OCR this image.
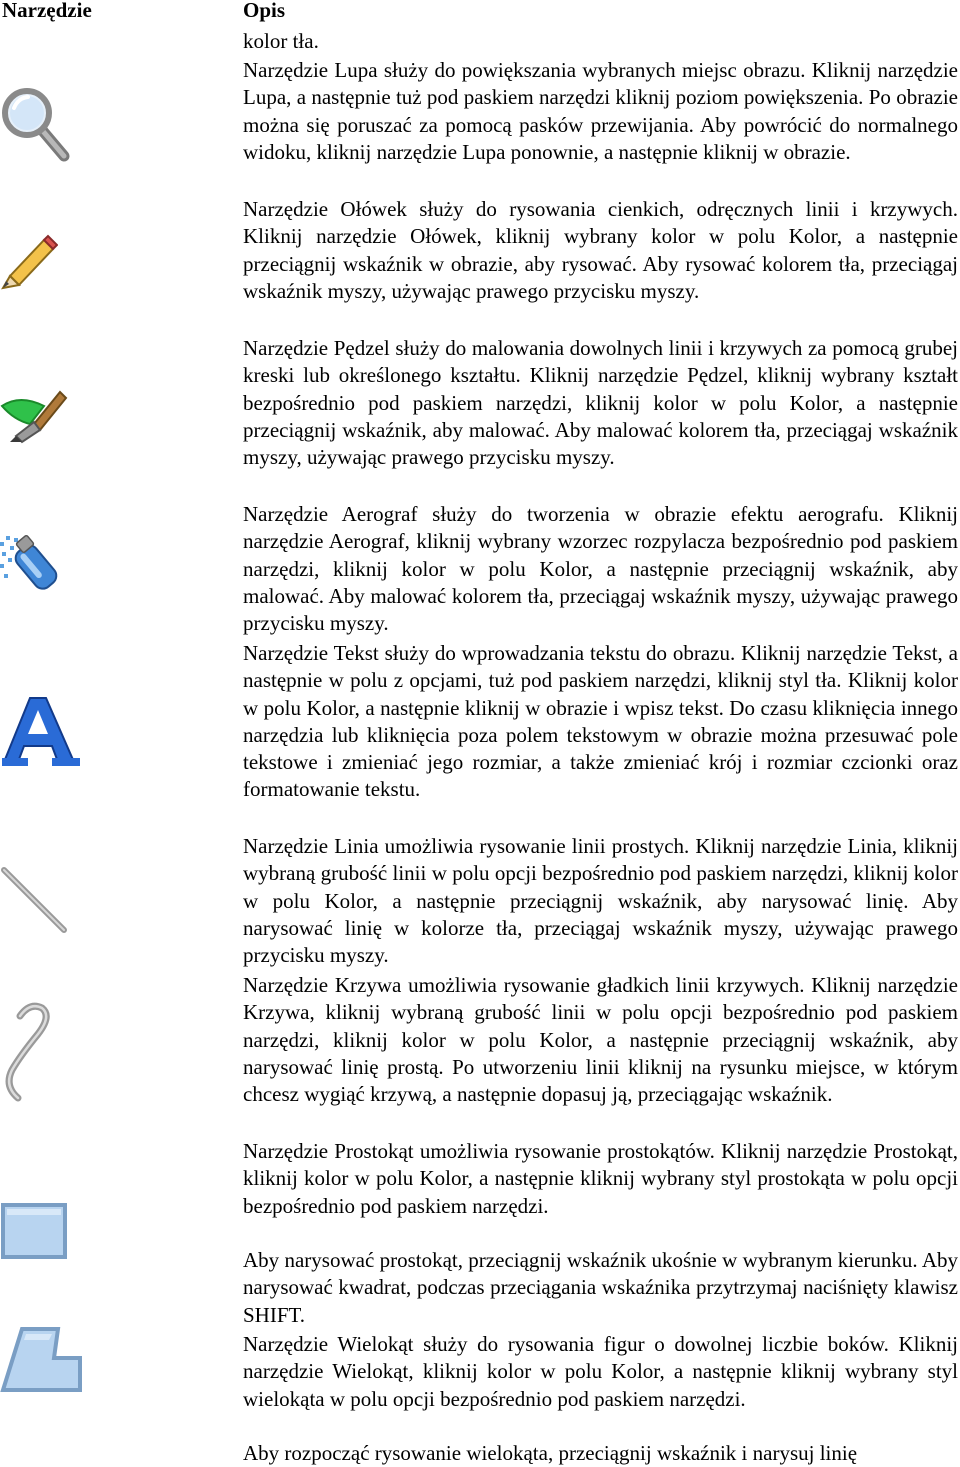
Narzędzie	Opis
kolor tła.
Narzędzie Lupa służy do powiększania wybranych miejsc obrazu. Kliknij narzędzie Lupa, a następnie tuż pod paskiem narzędzi kliknij poziom powiększenia. Po obrazie można się poruszać za pomocą pasków przewijania. Aby powrócić do normalnego widoku, kliknij narzędzie Lupa ponownie, a następnie kliknij w obrazie.
Narzędzie Ołówek służy do rysowania cienkich, odręcznych linii i krzywych. Kliknij narzędzie Ołówek, kliknij wybrany kolor w polu Kolor, a następnie przeciągnij wskaźnik w obrazie, aby rysować. Aby rysować kolorem tła, przeciągaj wskaźnik myszy, używając prawego przycisku myszy.
Narzędzie Pędzel służy do malowania dowolnych linii i krzywych za pomocą grubej kreski lub określonego kształtu. Kliknij narzędzie Pędzel, kliknij wybrany kształt bezpośrednio pod paskiem narzędzi, kliknij kolor w polu Kolor, a następnie przeciągnij wskaźnik, aby malować. Aby malować kolorem tła, przeciągaj wskaźnik myszy, używając prawego przycisku myszy.
Narzędzie Aerograf służy do tworzenia w obrazie efektu aerografu. Kliknij narzędzie Aerograf, kliknij wybrany wzorzec rozpylacza bezpośrednio pod paskiem narzędzi, kliknij kolor w polu Kolor, a następnie przeciągnij wskaźnik, aby malować. Aby malować kolorem tła, przeciągaj wskaźnik myszy, używając prawego przycisku myszy.
Narzędzie Tekst służy do wprowadzania tekstu do obrazu. Kliknij narzędzie Tekst, a następnie w polu z opcjami, tuż pod paskiem narzędzi, kliknij styl tła. Kliknij kolor w polu Kolor, a następnie kliknij w obrazie i wpisz tekst. Do czasu kliknięcia innego narzędzia lub kliknięcia poza polem tekstowym w obrazie można przesuwać pole tekstowe i zmieniać jego rozmiar, a także zmieniać krój i rozmiar czcionki oraz formatowanie tekstu.
Narzędzie Linia umożliwia rysowanie linii prostych. Kliknij narzędzie Linia, kliknij wybraną grubość linii w polu opcji bezpośrednio pod paskiem narzędzi, kliknij kolor w polu Kolor, a następnie przeciągnij wskaźnik, aby narysować linię. Aby narysować linię w kolorze tła, przeciągaj wskaźnik myszy, używając prawego przycisku myszy.
Narzędzie Krzywa umożliwia rysowanie gładkich linii krzywych. Kliknij narzędzie Krzywa, kliknij wybraną grubość linii w polu opcji bezpośrednio pod paskiem narzędzi, kliknij kolor w polu Kolor, a następnie przeciągnij wskaźnik, aby narysować linię prostą. Po utworzeniu linii kliknij na rysunku miejsce, w którym chcesz wygiąć krzywą, a następnie dopasuj ją, przeciągając wskaźnik.
Narzędzie Prostokąt umożliwia rysowanie prostokątów. Kliknij narzędzie Prostokąt, kliknij kolor w polu Kolor, a następnie kliknij wybrany styl prostokąta w polu opcji bezpośrednio pod paskiem narzędzi.
Aby narysować prostokąt, przeciągnij wskaźnik ukośnie w wybranym kierunku. Aby narysować kwadrat, podczas przeciągania wskaźnika przytrzymaj naciśnięty klawisz SHIFT.
Narzędzie Wielokąt służy do rysowania figur o dowolnej liczbie boków. Kliknij narzędzie Wielokąt, kliknij kolor w polu Kolor, a następnie kliknij wybrany styl wielokąta w polu opcji bezpośrednio pod paskiem narzędzi.
Aby rozpocząć rysowanie wielokąta, przeciągnij wskaźnik i narysuj linię
